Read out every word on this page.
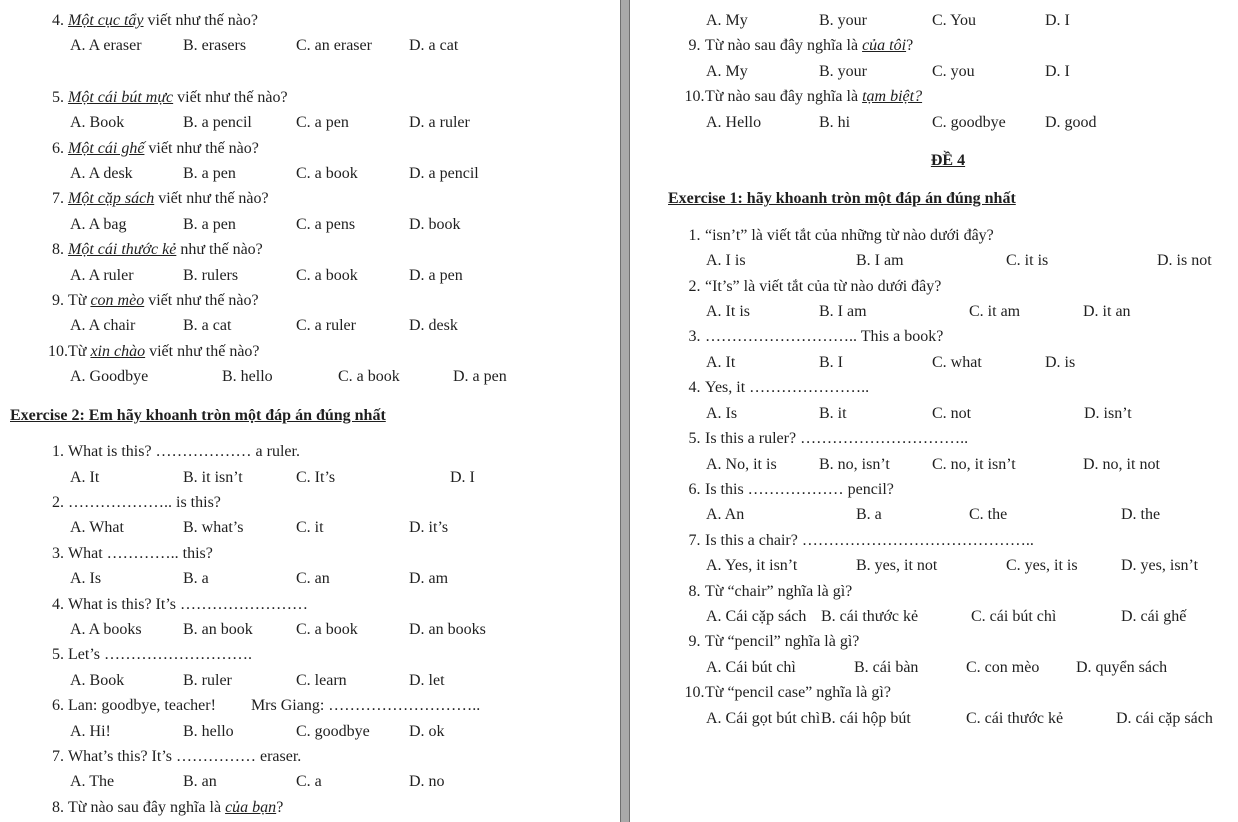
4. Một cục tẩy viết như thế nào?
A. A eraser	B. erasers	C. an eraser	D. a cat
5. Một cái bút mực viết như thế nào?
A. Book	B. a pencil	C. a pen	D. a ruler
6. Một cái ghế viết như thế nào?
A. A desk	B. a pen	C. a book	D. a pencil
7. Một cặp sách viết như thế nào?
A. A bag	B. a pen	C. a pens	D. book
8. Một cái thước kẻ như thế nào?
A. A ruler	B. rulers	C. a book	D. a pen
9. Từ con mèo viết như thế nào?
A. A chair	B. a cat	C. a ruler	D. desk
10. Từ xin chào viết như thế nào?
A. Goodbye	B. hello	C. a book	D. a pen
Exercise 2: Em hãy khoanh tròn một đáp án đúng nhất
1. What is this? ……………… a ruler.
A. It	B. it isn’t	C. It’s	D. I
2. ……………….. is this?
A. What	B. what’s	C. it	D. it’s
3. What ………….. this?
A. Is	B. a	C. an	D. am
4. What is this? It’s ……………………
A. A books	B. an book	C. a book	D. an books
5. Let’s ……………………….
A. Book	B. ruler	C. learn	D. let
6. Lan: goodbye, teacher! Mrs Giang: ………………………..
A. Hi!	B. hello	C. goodbye	D. ok
7. What’s this? It’s …………… eraser.
A. The	B. an	C. a	D. no
8. Từ nào sau đây nghĩa là của bạn?
A. My	B. your	C. You	D. I
9. Từ nào sau đây nghĩa là của tôi?
A. My	B. your	C. you	D. I
10. Từ nào sau đây nghĩa là tạm biệt?
A. Hello	B. hi	C. goodbye	D. good
ĐỀ 4
Exercise 1: hãy khoanh tròn một đáp án đúng nhất
1. “isn’t” là viết tắt của những từ nào dưới đây?
A. I is	B. I am	C. it is	D. is not
2. “It’s” là viết tắt của từ nào dưới đây?
A. It is	B. I am	C. it am	D. it an
3. ……………………….. This a book?
A. It	B. I	C. what	D. is
4. Yes, it …………………..
A. Is	B. it	C. not	D. isn’t
5. Is this a ruler? …………………………..
A. No, it is	B. no, isn’t	C. no, it isn’t	D. no, it not
6. Is this ……………… pencil?
A. An	B. a	C. the	D. the
7. Is this a chair? ……………………………………..
A. Yes, it isn’t	B. yes, it not	C. yes, it is	D. yes, isn’t
8. Từ “chair” nghĩa là gì?
A. Cái cặp sách B. cái thước kẻ	C. cái bút chì	D. cái ghế
9. Từ “pencil” nghĩa là gì?
A. Cái bút chì	B. cái bàn	C. con mèo	D. quyển sách
10. Từ “pencil case” nghĩa là gì?
A. Cái gọt bút chì B. cái hộp bút	C. cái thước kẻ	D. cái cặp sách
